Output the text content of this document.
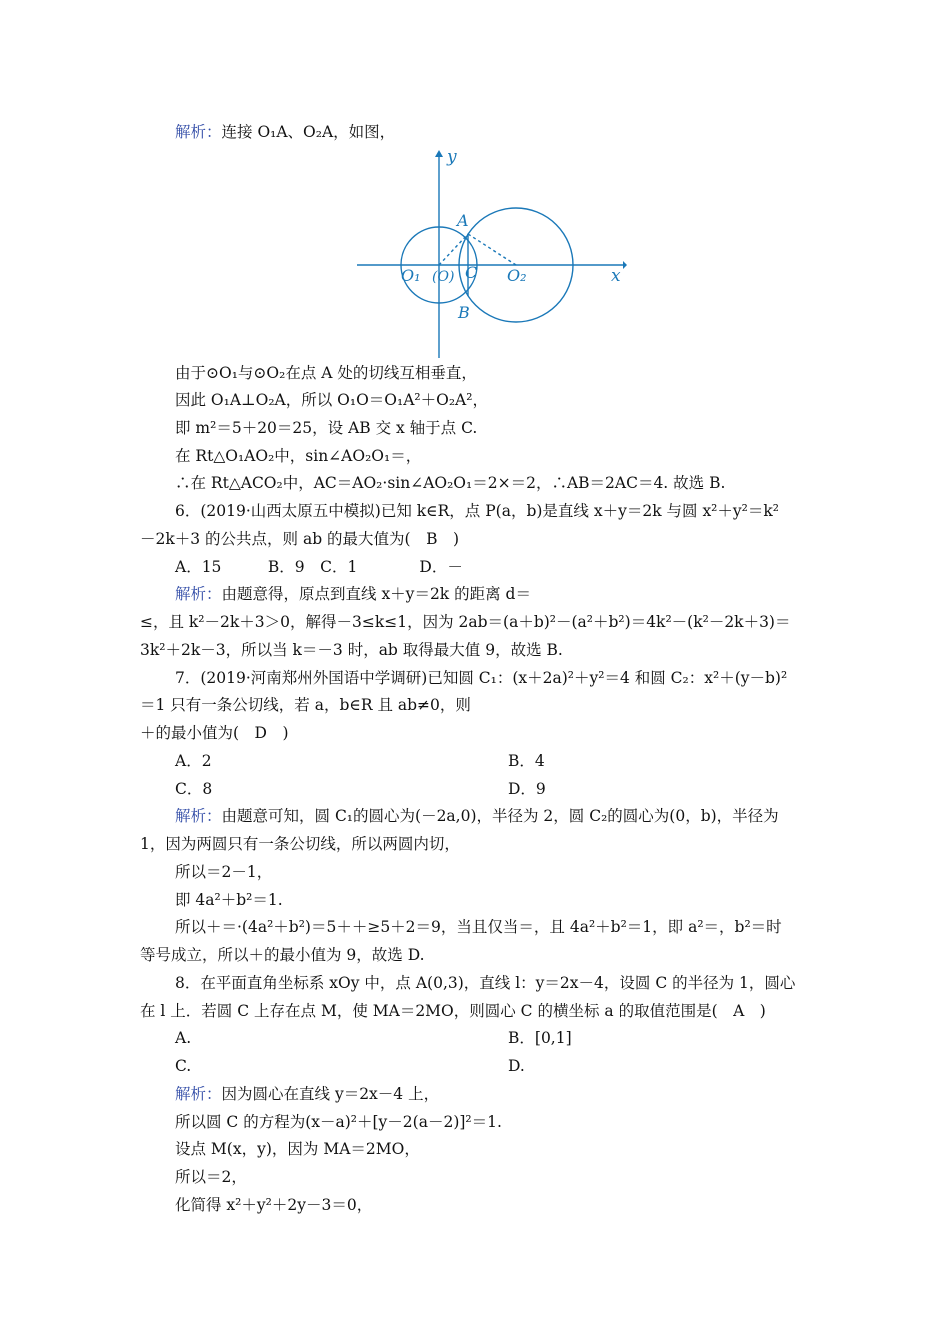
解析：连接 O₁A、O₂A，如图，
y
x
A
B
C
O₁ (O)	O₂
由于⊙O₁与⊙O₂在点 A 处的切线互相垂直，
因此 O₁A⊥O₂A，所以 O₁O＝O₁A²＋O₂A²，
即 m²＝5＋20＝25，设 AB 交 x 轴于点 C.
在 Rt△O₁AO₂中，sin∠AO₂O₁＝，
∴在 Rt△ACO₂中，AC＝AO₂·sin∠AO₂O₁＝2×＝2，∴AB＝2AC＝4. 故选 B.
6．(2019·山西太原五中模拟)已知 k∈R，点 P(a，b)是直线 x＋y＝2k 与圆 x²＋y²＝k²
－2k＋3 的公共点，则 ab 的最大值为(　B　)
A．15　　　B．9　C．1　　　　D．－
解析：由题意得，原点到直线 x＋y＝2k 的距离 d＝
≤，且 k²－2k＋3＞0，解得－3≤k≤1，因为 2ab＝(a＋b)²－(a²＋b²)＝4k²－(k²－2k＋3)＝
3k²＋2k－3，所以当 k＝－3 时，ab 取得最大值 9，故选 B.
7．(2019·河南郑州外国语中学调研)已知圆 C₁：(x＋2a)²＋y²＝4 和圆 C₂：x²＋(y－b)²
＝1 只有一条公切线，若 a，b∈R 且 ab≠0，则
＋的最小值为(　D　)
A．2	B．4
C．8	D．9
解析：由题意可知，圆 C₁的圆心为(－2a,0)，半径为 2，圆 C₂的圆心为(0，b)，半径为
1，因为两圆只有一条公切线，所以两圆内切，
所以＝2－1，
即 4a²＋b²＝1.
所以＋＝·(4a²＋b²)＝5＋＋≥5＋2＝9，当且仅当＝，且 4a²＋b²＝1，即 a²＝，b²＝时
等号成立，所以＋的最小值为 9，故选 D.
8．在平面直角坐标系 xOy 中，点 A(0,3)，直线 l：y＝2x－4，设圆 C 的半径为 1，圆心
在 l 上．若圆 C 上存在点 M，使 MA＝2MO，则圆心 C 的横坐标 a 的取值范围是(　A　)
A.	B．[0,1]
C.	D.
解析：因为圆心在直线 y＝2x－4 上，
所以圆 C 的方程为(x－a)²＋[y－2(a－2)]²＝1.
设点 M(x，y)，因为 MA＝2MO，
所以＝2，
化简得 x²＋y²＋2y－3＝0，
